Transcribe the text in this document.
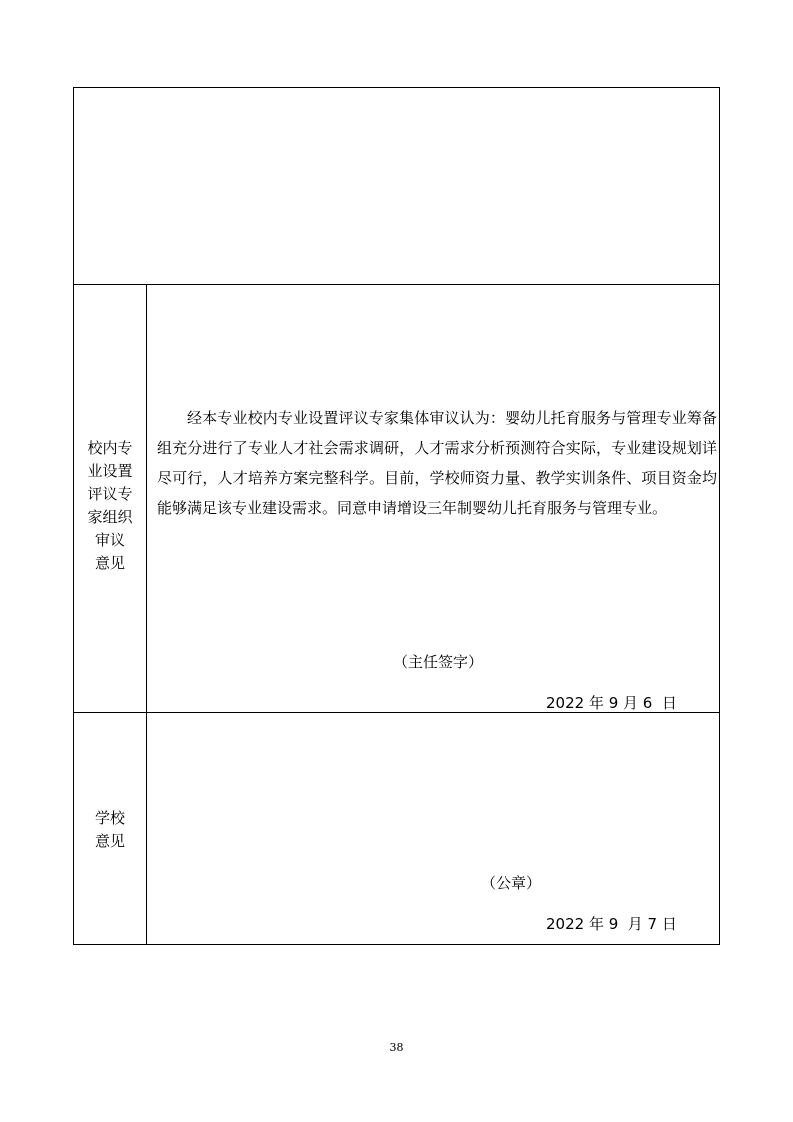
校内专
业设置
评议专
家组织
审议
意见
经本专业校内专业设置评议专家集体审议认为：婴幼儿托育服务与管理专业筹备组充分进行了专业人才社会需求调研，人才需求分析预测符合实际，专业建设规划详尽可行，人才培养方案完整科学。目前，学校师资力量、教学实训条件、项目资金均能够满足该专业建设需求。同意申请增设三年制婴幼儿托育服务与管理专业。
（主任签字）
2022 年 9 月 6  日
学校
意见
（公章）
2022 年 9  月 7 日
38
